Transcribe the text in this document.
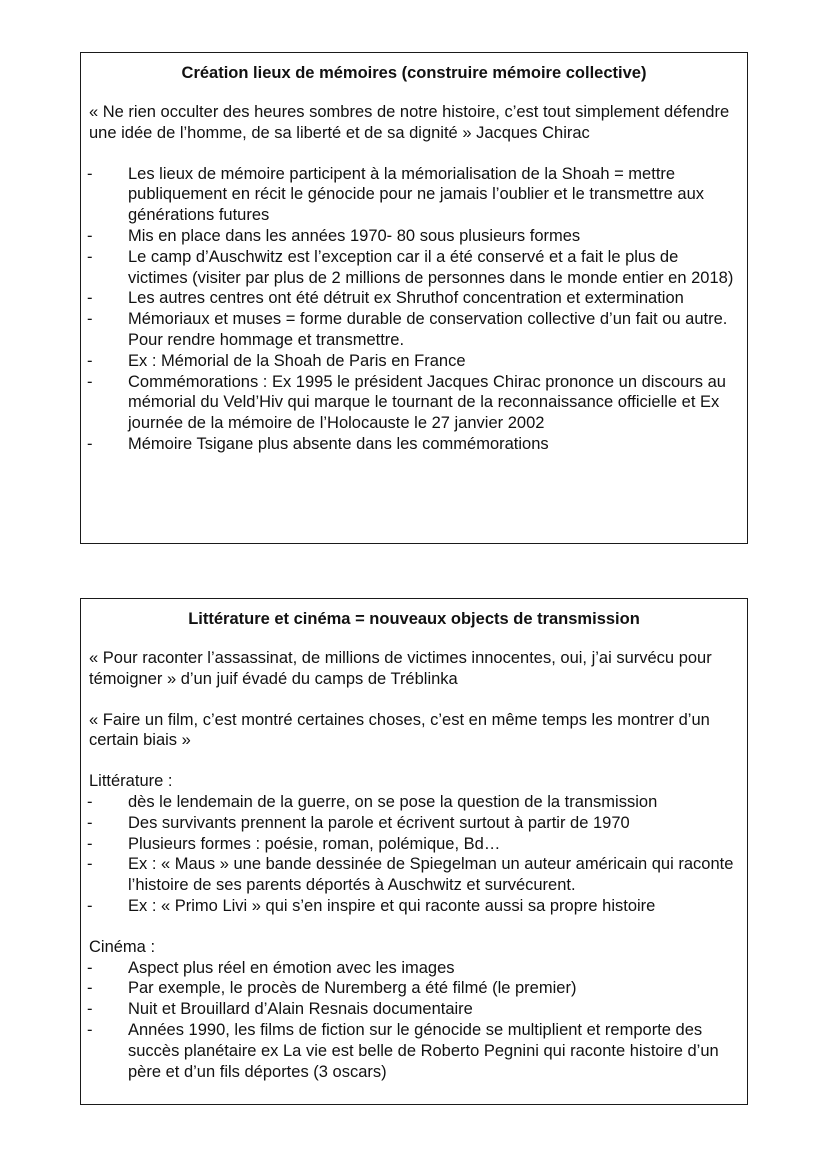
Création lieux de mémoires (construire mémoire collective)
« Ne rien occulter des heures sombres de notre histoire, c’est tout simplement défendre une idée de l’homme, de sa liberté et de sa dignité » Jacques Chirac
- Les lieux de mémoire participent à la mémorialisation de la Shoah = mettre publiquement en récit le génocide pour ne jamais l’oublier et le transmettre aux générations futures
- Mis en place dans les années 1970- 80 sous plusieurs formes
- Le camp d’Auschwitz est l’exception car il a été conservé et a fait le plus de victimes (visiter par plus de 2 millions de personnes dans le monde entier en 2018)
- Les autres centres ont été détruit ex Shruthof concentration et extermination
- Mémoriaux et muses = forme durable de conservation collective d’un fait ou autre. Pour rendre hommage et transmettre.
- Ex : Mémorial de la Shoah de Paris en France
- Commémorations : Ex 1995 le président Jacques Chirac prononce un discours au mémorial du Veld’Hiv qui marque le tournant de la reconnaissance officielle et Ex journée de la mémoire de l’Holocauste le 27 janvier 2002
- Mémoire Tsigane plus absente dans les commémorations
Littérature et cinéma = nouveaux objects de transmission
« Pour raconter l’assassinat, de millions de victimes innocentes, oui, j’ai survécu pour témoigner » d’un juif évadé du camps de Tréblinka
« Faire un film, c’est montré certaines choses, c’est en même temps les montrer d’un certain biais »
Littérature :
- dès le lendemain de la guerre, on se pose la question de la transmission
- Des survivants prennent la parole et écrivent surtout à partir de 1970
- Plusieurs formes : poésie, roman, polémique, Bd…
- Ex : « Maus » une bande dessinée de Spiegelman un auteur américain qui raconte l’histoire de ses parents déportés à Auschwitz et survécurent.
- Ex : « Primo Livi » qui s’en inspire et qui raconte aussi sa propre histoire
Cinéma :
- Aspect plus réel en émotion avec les images
- Par exemple, le procès de Nuremberg a été filmé (le premier)
- Nuit et Brouillard d’Alain Resnais documentaire
- Années 1990, les films de fiction sur le génocide se multiplient et remporte des succès planétaire ex La vie est belle de Roberto Pegnini qui raconte histoire d’un père et d’un fils déportes (3 oscars)
